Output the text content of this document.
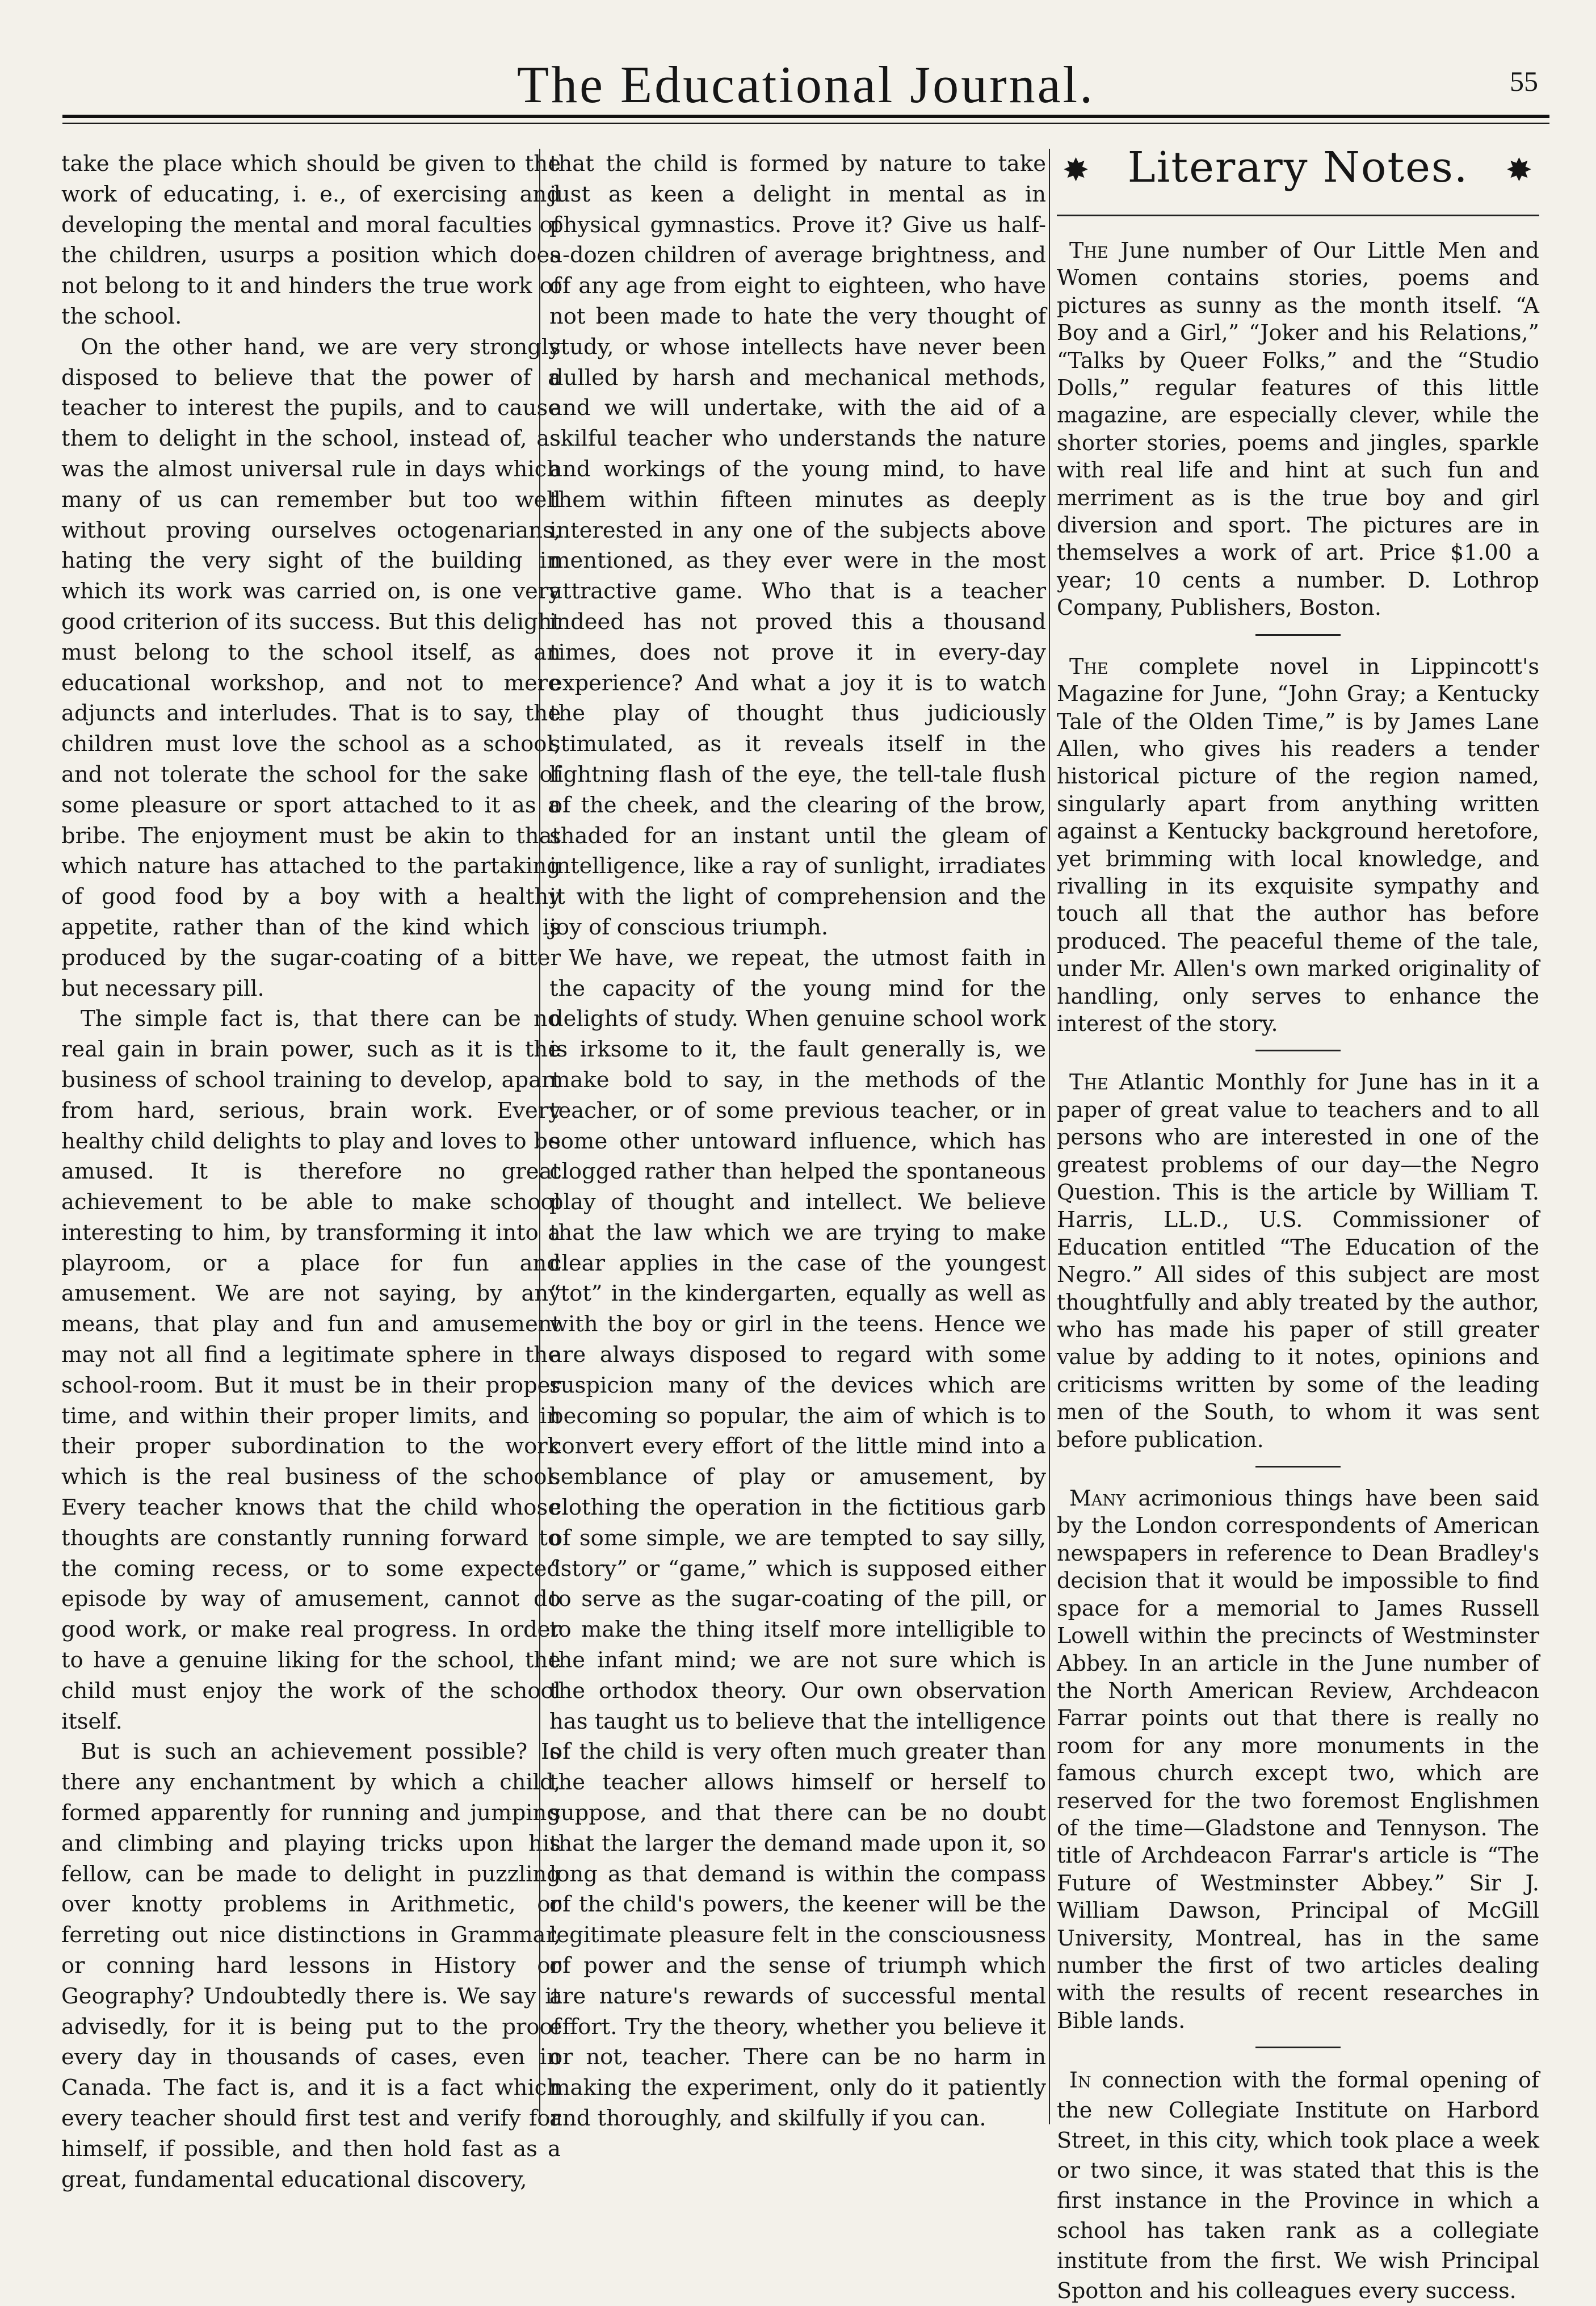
The Educational Journal.	55

take the place which should be given to the work of educating, i. e., of exercising and developing the mental and moral faculties of the children, usurps a position which does not belong to it and hinders the true work of the school.

On the other hand, we are very strongly disposed to believe that the power of a teacher to interest the pupils, and to cause them to delight in the school, instead of, as was the almost universal rule in days which many of us can remember but too well without proving ourselves octogenarians, hating the very sight of the building in which its work was carried on, is one very good criterion of its success. But this delight must belong to the school itself, as an educational workshop, and not to mere adjuncts and interludes. That is to say, the children must love the school as a school, and not tolerate the school for the sake of some pleasure or sport attached to it as a bribe. The enjoyment must be akin to that which nature has attached to the partaking of good food by a boy with a healthy appetite, rather than of the kind which is produced by the sugar-coating of a bitter but necessary pill.

The simple fact is, that there can be no real gain in brain power, such as it is the business of school training to develop, apart from hard, serious, brain work. Every healthy child delights to play and loves to be amused. It is therefore no great achievement to be able to make school interesting to him, by transforming it into a playroom, or a place for fun and amusement. We are not saying, by any means, that play and fun and amusement may not all find a legitimate sphere in the school-room. But it must be in their proper time, and within their proper limits, and in their proper subordination to the work which is the real business of the school. Every teacher knows that the child whose thoughts are constantly running forward to the coming recess, or to some expected episode by way of amusement, cannot do good work, or make real progress. In order to have a genuine liking for the school, the child must enjoy the work of the school itself.

But is such an achievement possible? Is there any enchantment by which a child, formed apparently for running and jumping and climbing and playing tricks upon his fellow, can be made to delight in puzzling over knotty problems in Arithmetic, or ferreting out nice distinctions in Grammar, or conning hard lessons in History or Geography? Undoubtedly there is. We say it advisedly, for it is being put to the proof every day in thousands of cases, even in Canada. The fact is, and it is a fact which every teacher should first test and verify for himself, if possible, and then hold fast as a great, fundamental educational discovery,

that the child is formed by nature to take just as keen a delight in mental as in physical gymnastics. Prove it? Give us half-a-dozen children of average brightness, and of any age from eight to eighteen, who have not been made to hate the very thought of study, or whose intellects have never been dulled by harsh and mechanical methods, and we will undertake, with the aid of a skilful teacher who understands the nature and workings of the young mind, to have them within fifteen minutes as deeply interested in any one of the subjects above mentioned, as they ever were in the most attractive game. Who that is a teacher indeed has not proved this a thousand times, does not prove it in every-day experience? And what a joy it is to watch the play of thought thus judiciously stimulated, as it reveals itself in the lightning flash of the eye, the tell-tale flush of the cheek, and the clearing of the brow, shaded for an instant until the gleam of intelligence, like a ray of sunlight, irradiates it with the light of comprehension and the joy of conscious triumph.

We have, we repeat, the utmost faith in the capacity of the young mind for the delights of study. When genuine school work is irksome to it, the fault generally is, we make bold to say, in the methods of the teacher, or of some previous teacher, or in some other untoward influence, which has clogged rather than helped the spontaneous play of thought and intellect. We believe that the law which we are trying to make clear applies in the case of the youngest “tot” in the kindergarten, equally as well as with the boy or girl in the teens. Hence we are always disposed to regard with some suspicion many of the devices which are becoming so popular, the aim of which is to convert every effort of the little mind into a semblance of play or amusement, by clothing the operation in the fictitious garb of some simple, we are tempted to say silly, “story” or “game,” which is supposed either to serve as the sugar-coating of the pill, or to make the thing itself more intelligible to the infant mind; we are not sure which is the orthodox theory. Our own observation has taught us to believe that the intelligence of the child is very often much greater than the teacher allows himself or herself to suppose, and that there can be no doubt that the larger the demand made upon it, so long as that demand is within the compass of the child's powers, the keener will be the legitimate pleasure felt in the consciousness of power and the sense of triumph which are nature's rewards of successful mental effort. Try the theory, whether you believe it or not, teacher. There can be no harm in making the experiment, only do it patiently and thoroughly, and skilfully if you can.

✸ Literary Notes. ✸

The June number of Our Little Men and Women contains stories, poems and pictures as sunny as the month itself. “A Boy and a Girl,” “Joker and his Relations,” “Talks by Queer Folks,” and the “Studio Dolls,” regular features of this little magazine, are especially clever, while the shorter stories, poems and jingles, sparkle with real life and hint at such fun and merriment as is the true boy and girl diversion and sport. The pictures are in themselves a work of art. Price $1.00 a year; 10 cents a number. D. Lothrop Company, Publishers, Boston.

The complete novel in Lippincott's Magazine for June, “John Gray; a Kentucky Tale of the Olden Time,” is by James Lane Allen, who gives his readers a tender historical picture of the region named, singularly apart from anything written against a Kentucky background heretofore, yet brimming with local knowledge, and rivalling in its exquisite sympathy and touch all that the author has before produced. The peaceful theme of the tale, under Mr. Allen's own marked originality of handling, only serves to enhance the interest of the story.

The Atlantic Monthly for June has in it a paper of great value to teachers and to all persons who are interested in one of the greatest problems of our day—the Negro Question. This is the article by William T. Harris, LL.D., U.S. Commissioner of Education entitled “The Education of the Negro.” All sides of this subject are most thoughtfully and ably treated by the author, who has made his paper of still greater value by adding to it notes, opinions and criticisms written by some of the leading men of the South, to whom it was sent before publication.

Many acrimonious things have been said by the London correspondents of American newspapers in reference to Dean Bradley's decision that it would be impossible to find space for a memorial to James Russell Lowell within the precincts of Westminster Abbey. In an article in the June number of the North American Review, Archdeacon Farrar points out that there is really no room for any more monuments in the famous church except two, which are reserved for the two foremost Englishmen of the time—Gladstone and Tennyson. The title of Archdeacon Farrar's article is “The Future of Westminster Abbey.” Sir J. William Dawson, Principal of McGill University, Montreal, has in the same number the first of two articles dealing with the results of recent researches in Bible lands.

In connection with the formal opening of the new Collegiate Institute on Harbord Street, in this city, which took place a week or two since, it was stated that this is the first instance in the Province in which a school has taken rank as a collegiate institute from the first. We wish Principal Spotton and his colleagues every success.
